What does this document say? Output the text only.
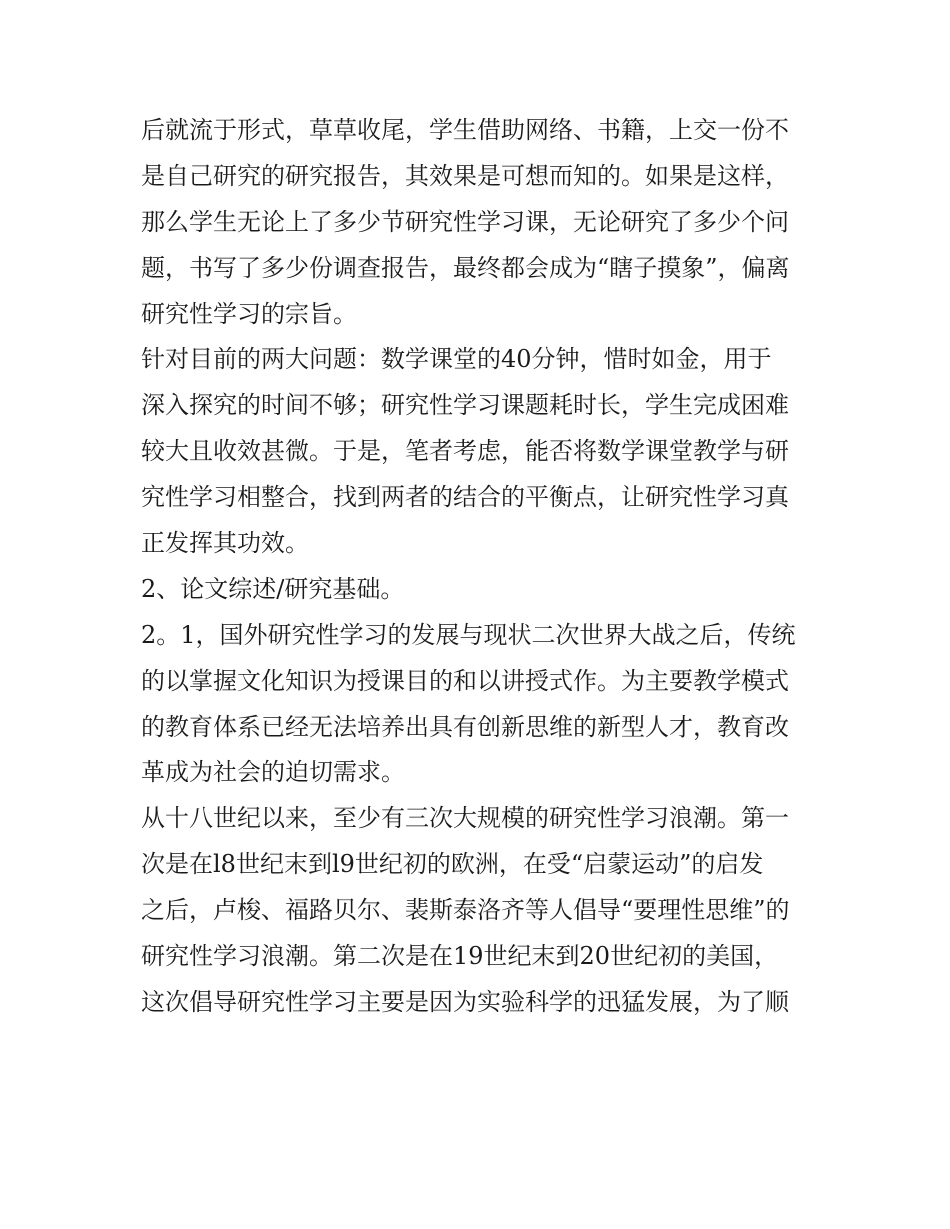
后就流于形式，草草收尾，学生借助网络、书籍，上交一份不
是自己研究的研究报告，其效果是可想而知的。如果是这样，
那么学生无论上了多少节研究性学习课，无论研究了多少个问
题，书写了多少份调查报告，最终都会成为“瞎子摸象”，偏离
研究性学习的宗旨。
针对目前的两大问题：数学课堂的40分钟，惜时如金，用于
深入探究的时间不够；研究性学习课题耗时长，学生完成困难
较大且收效甚微。于是，笔者考虑，能否将数学课堂教学与研
究性学习相整合，找到两者的结合的平衡点，让研究性学习真
正发挥其功效。
2、论文综述/研究基础。
2。1，国外研究性学习的发展与现状二次世界大战之后，传统
的以掌握文化知识为授课目的和以讲授式作。为主要教学模式
的教育体系已经无法培养出具有创新思维的新型人才，教育改
革成为社会的迫切需求。
从十八世纪以来，至少有三次大规模的研究性学习浪潮。第一
次是在l8世纪末到l9世纪初的欧洲，在受“启蒙运动”的启发
之后，卢梭、福路贝尔、裴斯泰洛齐等人倡导“要理性思维”的
研究性学习浪潮。第二次是在19世纪末到20世纪初的美国，
这次倡导研究性学习主要是因为实验科学的迅猛发展，为了顺
